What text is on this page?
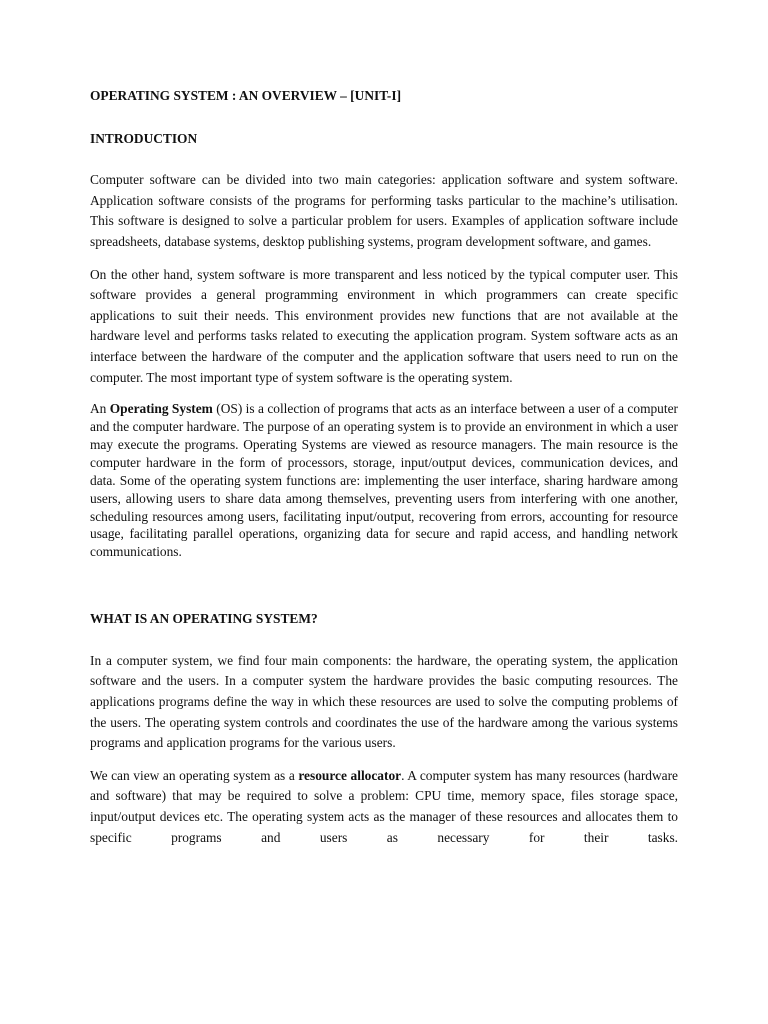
OPERATING SYSTEM : AN OVERVIEW – [UNIT-I]
INTRODUCTION

Computer software can be divided into two main categories: application software and system software. Application software consists of the programs for performing tasks particular to the machine’s utilisation. This software is designed to solve a particular problem for users. Examples of application software include spreadsheets, database systems, desktop publishing systems, program development software, and games.

On the other hand, system software is more transparent and less noticed by the typical computer user. This software provides a general programming environment in which programmers can create specific applications to suit their needs. This environment provides new functions that are not available at the hardware level and performs tasks related to executing the application program. System software acts as an interface between the hardware of the computer and the application software that users need to run on the computer. The most important type of system software is the operating system.

An Operating System (OS) is a collection of programs that acts as an interface between a user of a computer and the computer hardware. The purpose of an operating system is to provide an environment in which a user may execute the programs. Operating Systems are viewed as resource managers. The main resource is the computer hardware in the form of processors, storage, input/output devices, communication devices, and data. Some of the operating system functions are: implementing the user interface, sharing hardware among users, allowing users to share data among themselves, preventing users from interfering with one another, scheduling resources among users, facilitating input/output, recovering from errors, accounting for resource usage, facilitating parallel operations, organizing data for secure and rapid access, and handling network communications.

WHAT IS AN OPERATING SYSTEM?

In a computer system, we find four main components: the hardware, the operating system, the application software and the users. In a computer system the hardware provides the basic computing resources. The applications programs define the way in which these resources are used to solve the computing problems of the users. The operating system controls and coordinates the use of the hardware among the various systems programs and application programs for the various users.

We can view an operating system as a resource allocator. A computer system has many resources (hardware and software) that may be required to solve a problem: CPU time, memory space, files storage space, input/output devices etc. The operating system acts as the manager of these resources and allocates them to specific programs and users as necessary for their tasks.
